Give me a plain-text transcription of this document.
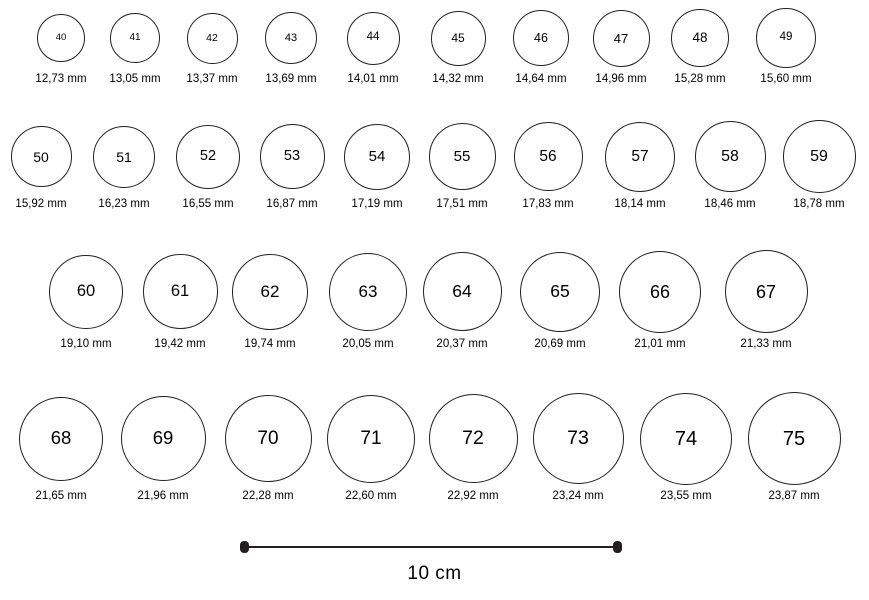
40
12,73 mm
41
13,05 mm
42
13,37 mm
43
13,69 mm
44
14,01 mm
45
14,32 mm
46
14,64 mm
47
14,96 mm
48
15,28 mm
49
15,60 mm
50
15,92 mm
51
16,23 mm
52
16,55 mm
53
16,87 mm
54
17,19 mm
55
17,51 mm
56
17,83 mm
57
18,14 mm
58
18,46 mm
59
18,78 mm
60
19,10 mm
61
19,42 mm
62
19,74 mm
63
20,05 mm
64
20,37 mm
65
20,69 mm
66
21,01 mm
67
21,33 mm
68
21,65 mm
69
21,96 mm
70
22,28 mm
71
22,60 mm
72
22,92 mm
73
23,24 mm
74
23,55 mm
75
23,87 mm
10 cm
